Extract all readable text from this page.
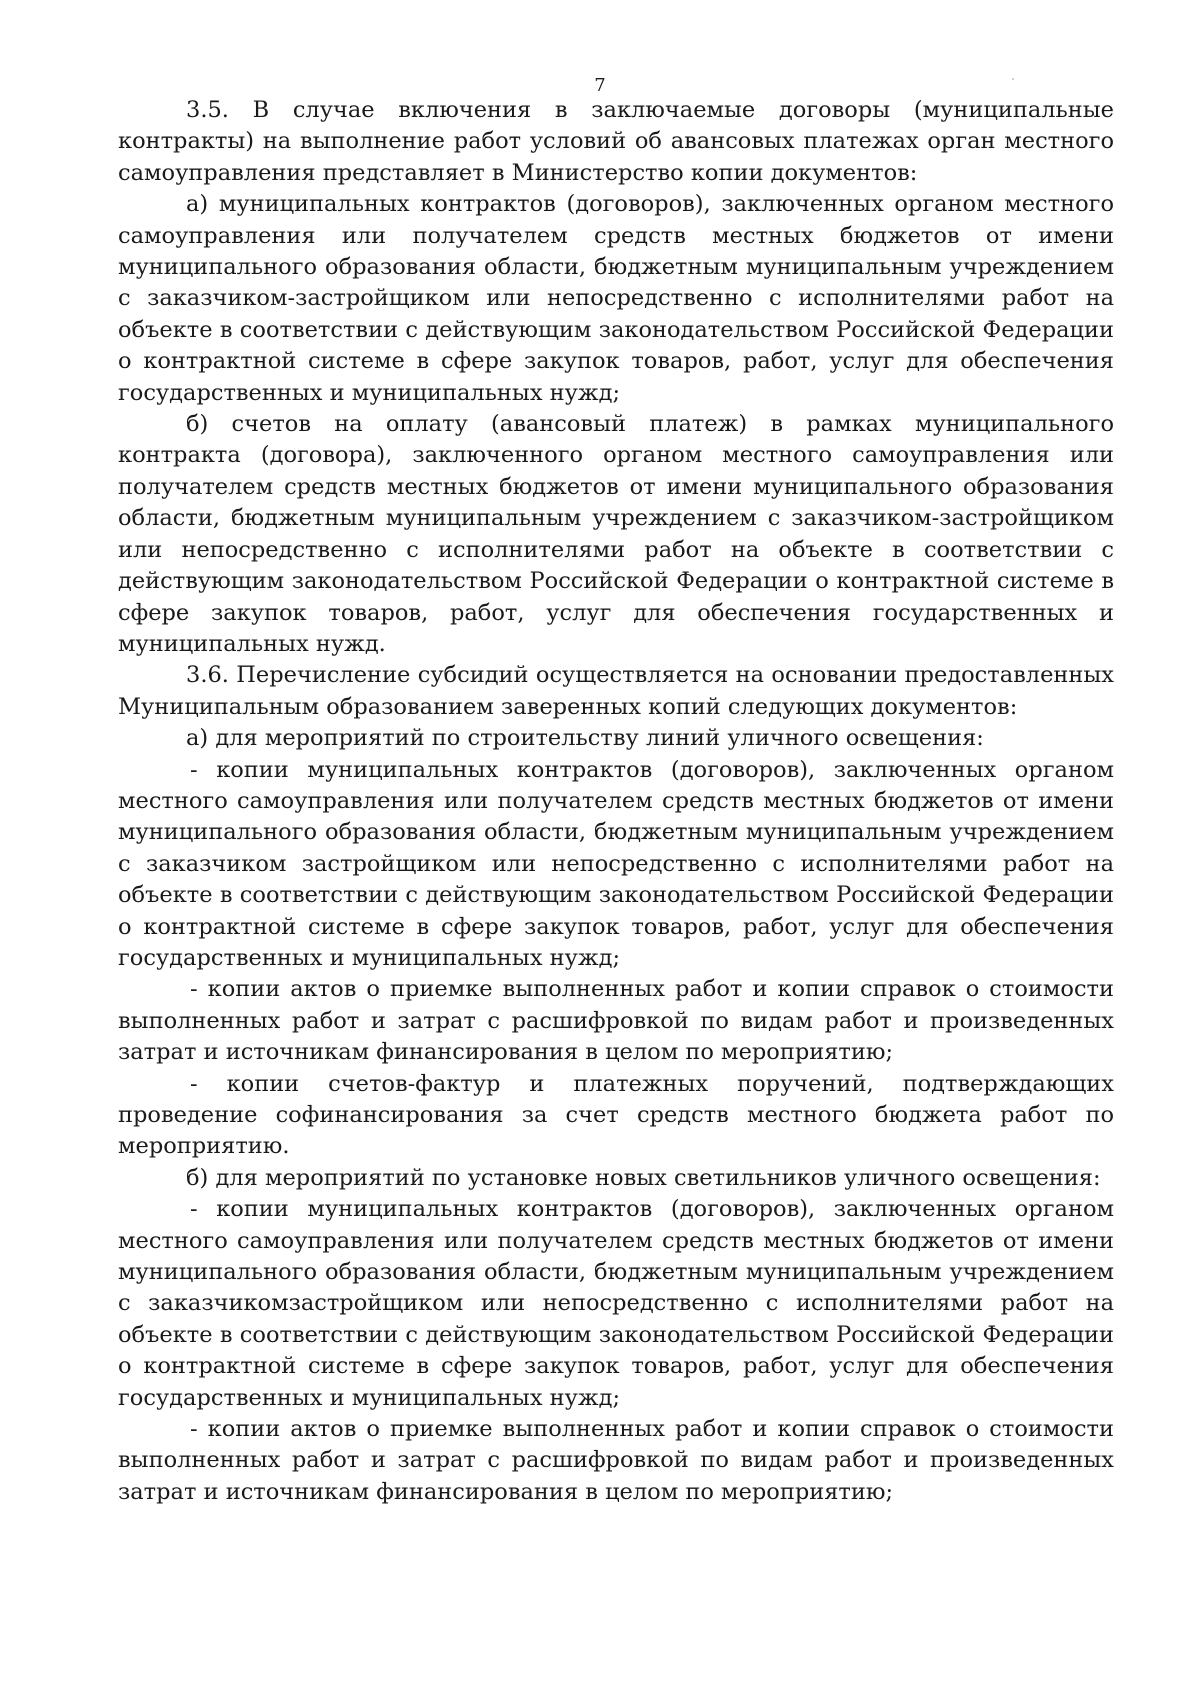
7

3.5. В случае включения в заключаемые договоры (муниципальные контракты) на выполнение работ условий об авансовых платежах орган местного самоуправления представляет в Министерство копии документов:

а) муниципальных контрактов (договоров), заключенных органом местного самоуправления или получателем средств местных бюджетов от имени муниципального образования области, бюджетным муниципальным учреждением с заказчиком-застройщиком или непосредственно с исполнителями работ на объекте в соответствии с действующим законодательством Российской Федерации о контрактной системе в сфере закупок товаров, работ, услуг для обеспечения государственных и муниципальных нужд;

б) счетов на оплату (авансовый платеж) в рамках муниципального контракта (договора), заключенного органом местного самоуправления или получателем средств местных бюджетов от имени муниципального образования области, бюджетным муниципальным учреждением с заказчиком-застройщиком или непосредственно с исполнителями работ на объекте в соответствии с действующим законодательством Российской Федерации о контрактной системе в сфере закупок товаров, работ, услуг для обеспечения государственных и муниципальных нужд.

3.6. Перечисление субсидий осуществляется на основании предоставленных Муниципальным образованием заверенных копий следующих документов:

а) для мероприятий по строительству линий уличного освещения:

- копии муниципальных контрактов (договоров), заключенных органом местного самоуправления или получателем средств местных бюджетов от имени муниципального образования области, бюджетным муниципальным учреждением с заказчиком застройщиком или непосредственно с исполнителями работ на объекте в соответствии с действующим законодательством Российской Федерации о контрактной системе в сфере закупок товаров, работ, услуг для обеспечения государственных и муниципальных нужд;

- копии актов о приемке выполненных работ и копии справок о стоимости выполненных работ и затрат с расшифровкой по видам работ и произведенных затрат и источникам финансирования в целом по мероприятию;

- копии счетов-фактур и платежных поручений, подтверждающих проведение софинансирования за счет средств местного бюджета работ по мероприятию.

б) для мероприятий по установке новых светильников уличного освещения:

- копии муниципальных контрактов (договоров), заключенных органом местного самоуправления или получателем средств местных бюджетов от имени муниципального образования области, бюджетным муниципальным учреждением с заказчикомзастройщиком или непосредственно с исполнителями работ на объекте в соответствии с действующим законодательством Российской Федерации о контрактной системе в сфере закупок товаров, работ, услуг для обеспечения государственных и муниципальных нужд;

- копии актов о приемке выполненных работ и копии справок о стоимости выполненных работ и затрат с расшифровкой по видам работ и произведенных затрат и источникам финансирования в целом по мероприятию;
